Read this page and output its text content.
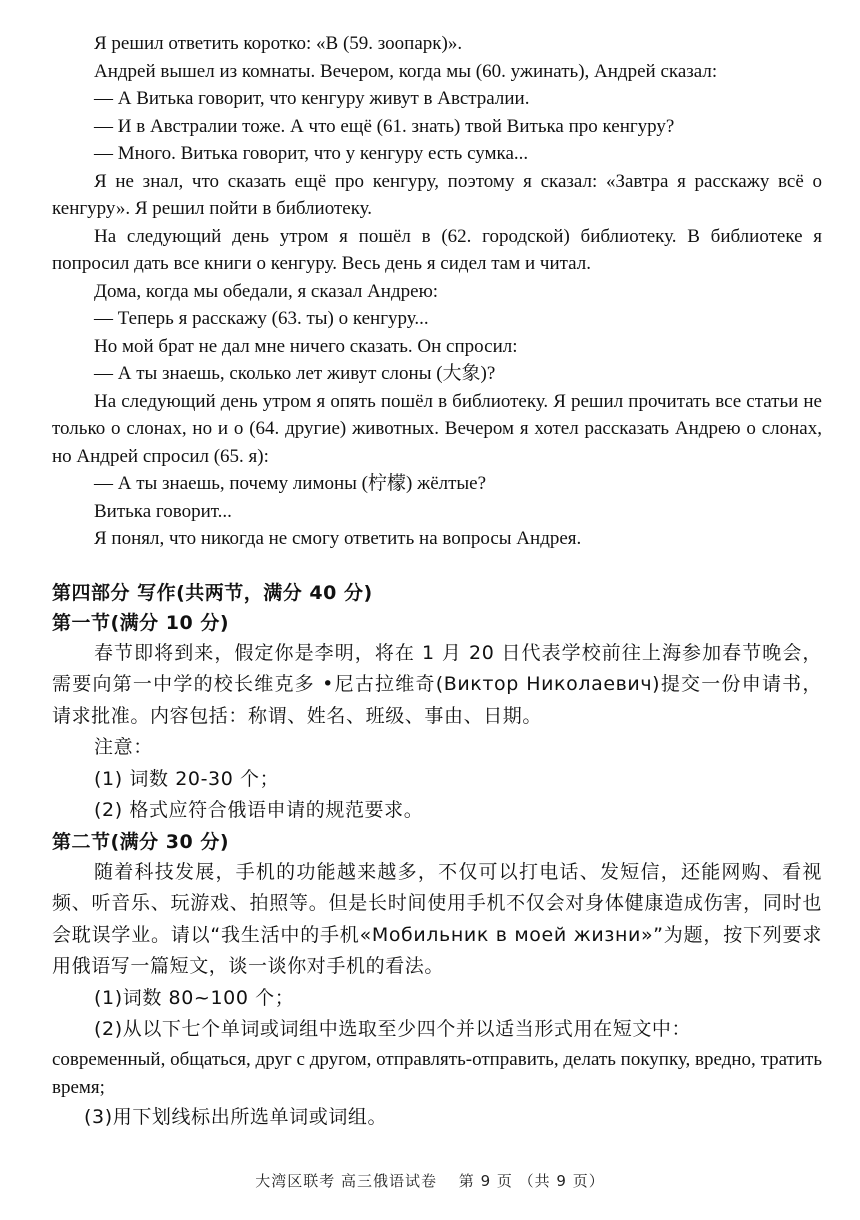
Я решил ответить коротко: «В (59. зоопарк)».

Андрей вышел из комнаты. Вечером, когда мы (60. ужинать), Андрей сказал:

— А Витька говорит, что кенгуру живут в Австралии.

— И в Австралии тоже. А что ещё (61. знать) твой Витька про кенгуру?

— Много. Витька говорит, что у кенгуру есть сумка...

Я не знал, что сказать ещё про кенгуру, поэтому я сказал: «Завтра я расскажу всё о кенгуру». Я решил пойти в библиотеку.

На следующий день утром я пошёл в (62. городской) библиотеку. В библиотеке я попросил дать все книги о кенгуру. Весь день я сидел там и читал.

Дома, когда мы обедали, я сказал Андрею:

— Теперь я расскажу (63. ты) о кенгуру...

Но мой брат не дал мне ничего сказать. Он спросил:

— А ты знаешь, сколько лет живут слоны (大象)?

На следующий день утром я опять пошёл в библиотеку. Я решил прочитать все статьи не только о слонах, но и о (64. другие) животных. Вечером я хотел рассказать Андрею о слонах, но Андрей спросил (65. я):

— А ты знаешь, почему лимоны (柠檬) жёлтые?

Витька говорит...

Я понял, что никогда не смогу ответить на вопросы Андрея.

第四部分 写作(共两节，满分 40 分)

第一节(满分 10 分)

春节即将到来，假定你是李明，将在 1 月 20 日代表学校前往上海参加春节晚会，需要向第一中学的校长维克多 •尼古拉维奇(Виктор Николаевич)提交一份申请书，请求批准。内容包括：称谓、姓名、班级、事由、日期。

注意：

(1) 词数 20-30 个；

(2) 格式应符合俄语申请的规范要求。

第二节(满分 30 分)

随着科技发展，手机的功能越来越多，不仅可以打电话、发短信，还能网购、看视频、听音乐、玩游戏、拍照等。但是长时间使用手机不仅会对身体健康造成伤害，同时也会耽误学业。请以“我生活中的手机«Мобильник в моей жизни»”为题，按下列要求用俄语写一篇短文，谈一谈你对手机的看法。

(1)词数 80~100 个；

(2)从以下七个单词或词组中选取至少四个并以适当形式用在短文中：

современный, общаться, друг с другом, отправлять-отправить, делать покупку, вредно, тратить время;

(3)用下划线标出所选单词或词组。

大湾区联考 高三俄语试卷　 第 9 页 （共 9 页）
